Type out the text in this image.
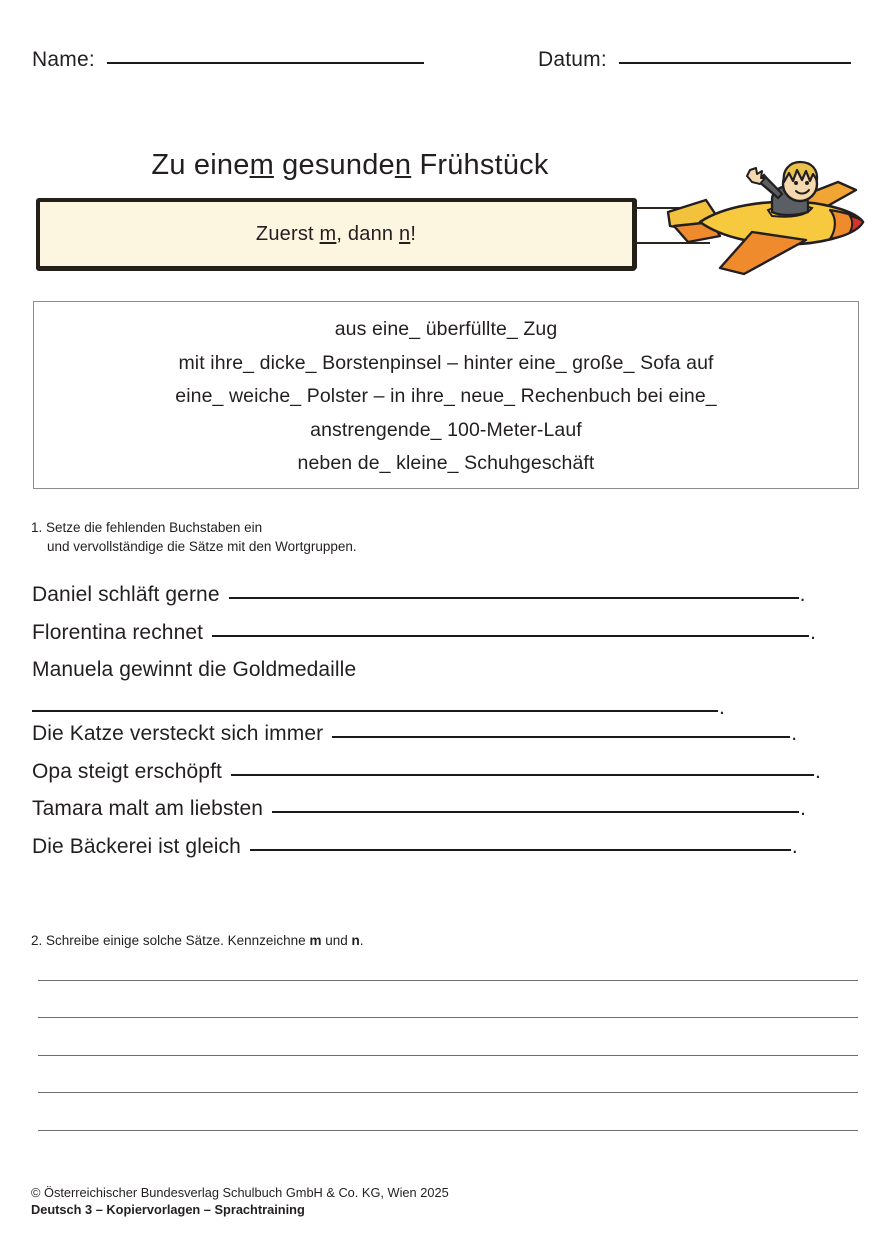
Name:	Datum:
Zu einem gesunden Frühstück
Zuerst m, dann n!
aus eine_ überfüllte_ Zug
mit ihre_ dicke_ Borstenpinsel – hinter eine_ große_ Sofa auf
eine_ weiche_ Polster – in ihre_ neue_ Rechenbuch bei eine_
anstrengende_ 100-Meter-Lauf
neben de_ kleine_ Schuhgeschäft
1. Setze die fehlenden Buchstaben ein
und vervollständige die Sätze mit den Wortgruppen.
Daniel schläft gerne	.
Florentina rechnet	.
Manuela gewinnt die Goldmedaille
.
Die Katze versteckt sich immer	.
Opa steigt erschöpft	.
Tamara malt am liebsten	.
Die Bäckerei ist gleich	.
2. Schreibe einige solche Sätze. Kennzeichne m und n.
© Österreichischer Bundesverlag Schulbuch GmbH & Co. KG, Wien 2025
Deutsch 3 – Kopiervorlagen – Sprachtraining
